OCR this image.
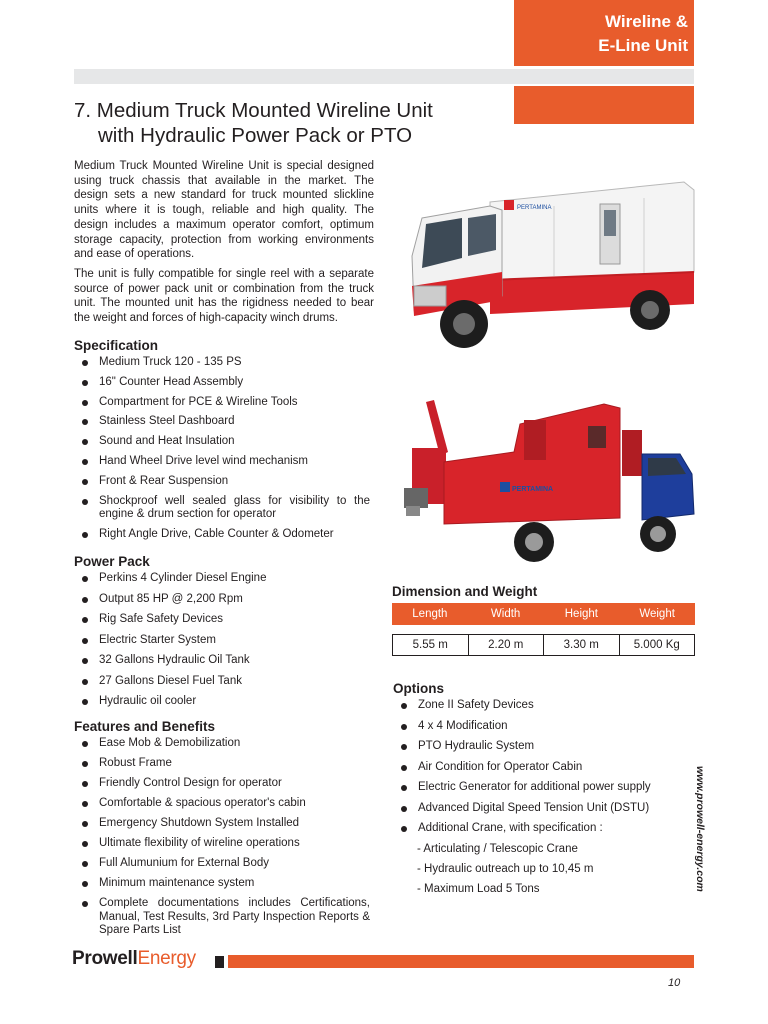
Wireline &
E-Line Unit
7. Medium Truck Mounted Wireline Unit
with Hydraulic Power Pack or PTO

Medium Truck Mounted Wireline Unit is special designed using truck chassis that available in the market. The design sets a new standard for truck mounted slickline units where it is tough, reliable and high quality. The design includes a maximum operator comfort, optimum storage capacity, protection from working environments and ease of operations.

The unit is fully compatible for single reel with a separate source of power pack unit or combination from the truck unit. The mounted unit has the rigidness needed to bear the weight and forces of high-capacity winch drums.

Specification
Medium Truck 120 - 135 PS
16" Counter Head Assembly
Compartment for PCE & Wireline Tools
Stainless Steel Dashboard
Sound and Heat Insulation
Hand Wheel Drive level wind mechanism
Front & Rear Suspension
Shockproof well sealed glass for visibility to the engine & drum section for operator
Right Angle Drive, Cable Counter & Odometer
Power Pack
Perkins 4 Cylinder Diesel Engine
Output 85 HP @ 2,200 Rpm
Rig Safe Safety Devices
Electric Starter System
32 Gallons Hydraulic Oil Tank
27 Gallons Diesel Fuel Tank
Hydraulic oil cooler
Features and Benefits
Ease Mob & Demobilization
Robust Frame
Friendly Control Design for operator
Comfortable & spacious operator's cabin
Emergency Shutdown System Installed
Ultimate flexibility of wireline operations
Full Alumunium for External Body
Minimum maintenance system
Complete documentations includes Certifications, Manual, Test Results, 3rd Party Inspection Reports & Spare Parts List
PERTAMINA
PERTAMINA
Dimension and Weight
Length	Width	Height	Weight
5.55 m	2.20 m	3.30 m	5.000 Kg
Options
Zone II Safety Devices
4 x 4 Modification
PTO Hydraulic System
Air Condition for Operator Cabin
Electric Generator for additional power supply
Advanced Digital Speed Tension Unit (DSTU)
Additional Crane, with specification :
- Articulating / Telescopic Crane
- Hydraulic outreach up to 10,45 m
- Maximum Load 5 Tons	www.prowell-energy.com
ProwellEnergy
10
